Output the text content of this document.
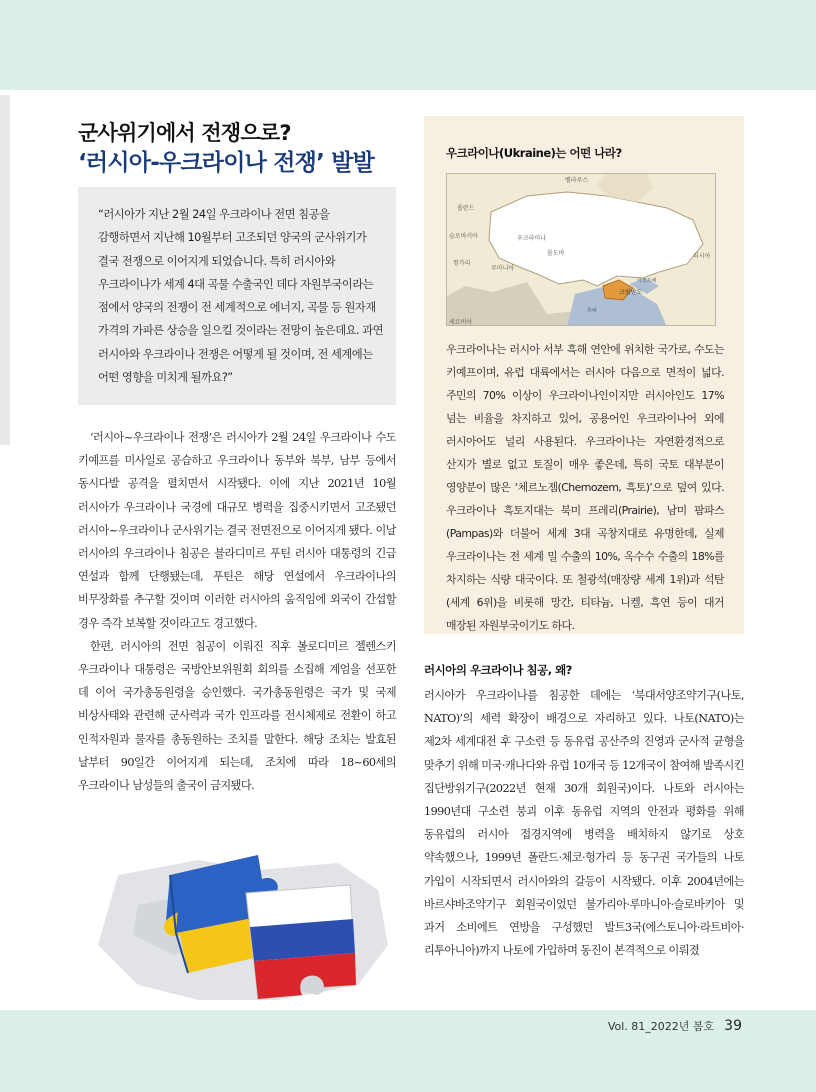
군사위기에서 전쟁으로?
‘러시아-우크라이나 전쟁’ 발발

“러시아가 지난 2월 24일 우크라이나 전면 침공을 감행하면서 지난해 10월부터 고조되던 양국의 군사위기가 결국 전쟁으로 이어지게 되었습니다. 특히 러시아와 우크라이나가 세계 4대 곡물 수출국인 데다 자원부국이라는 점에서 양국의 전쟁이 전 세계적으로 에너지, 곡물 등 원자재 가격의 가파른 상승을 일으킬 것이라는 전망이 높은데요. 과연 러시아와 우크라이나 전쟁은 어떻게 될 것이며, 전 세계에는 어떤 영향을 미치게 될까요?”

‘러시아~우크라이나 전쟁’은 러시아가 2월 24일 우크라이나 수도 키예프를 미사일로 공습하고 우크라이나 동부와 북부, 남부 등에서 동시다발 공격을 펼치면서 시작됐다. 이에 지난 2021년 10월 러시아가 우크라이나 국경에 대규모 병력을 집중시키면서 고조됐던 러시아~우크라이나 군사위기는 결국 전면전으로 이어지게 됐다. 이날 러시아의 우크라이나 침공은 블라디미르 푸틴 러시아 대통령의 긴급 연설과 함께 단행됐는데, 푸틴은 해당 연설에서 우크라이나의 비무장화를 추구할 것이며 이러한 러시아의 움직임에 외국이 간섭할 경우 즉각 보복할 것이라고도 경고했다.

한편, 러시아의 전면 침공이 이뤄진 직후 볼로디미르 젤렌스키 우크라이나 대통령은 국방안보위원회 회의를 소집해 계엄을 선포한 데 이어 국가총동원령을 승인했다. 국가총동원령은 국가 및 국제 비상사태와 관련해 군사력과 국가 인프라를 전시체제로 전환이 하고 인적자원과 물자를 총동원하는 조치를 말한다. 해당 조치는 발효된 날부터 90일간 이어지게 되는데, 조치에 따라 18~60세의 우크라이나 남성들의 출국이 금지됐다.

우크라이나(Ukraine)는 어떤 나라?
벨라루스
폴란드
슬로바키아
헝가리
우크라이나
몰도바
루마니아
세르비아
러시아
크림반도
흑해
아조프해

우크라이나는 러시아 서부 흑해 연안에 위치한 국가로, 수도는 키예프이며, 유럽 대륙에서는 러시아 다음으로 면적이 넓다. 주민의 70% 이상이 우크라이나인이지만 러시아인도 17% 넘는 비율을 차지하고 있어, 공용어인 우크라이나어 외에 러시아어도 널리 사용된다. 우크라이나는 자연환경적으로 산지가 별로 없고 토질이 매우 좋은데, 특히 국토 대부분이 영양분이 많은 ‘체르노젬(Chernozem, 흑토)’으로 덮여 있다. 우크라이나 흑토지대는 북미 프레리(Prairie), 남미 팜파스(Pampas)와 더불어 세계 3대 곡창지대로 유명한데, 실제 우크라이나는 전 세계 밀 수출의 10%, 옥수수 수출의 18%를 차지하는 식량 대국이다. 또 철광석(매장량 세계 1위)과 석탄(세계 6위)을 비롯해 망간, 티타늄, 니켈, 흑연 등이 대거 매장된 자원부국이기도 하다.

러시아의 우크라이나 침공, 왜?

러시아가 우크라이나를 침공한 데에는 ‘북대서양조약기구(나토, NATO)’의 세력 확장이 배경으로 자리하고 있다. 나토(NATO)는 제2차 세계대전 후 구소련 등 동유럽 공산주의 진영과 군사적 균형을 맞추기 위해 미국·캐나다와 유럽 10개국 등 12개국이 참여해 발족시킨 집단방위기구(2022년 현재 30개 회원국)이다. 나토와 러시아는 1990년대 구소련 붕괴 이후 동유럽 지역의 안전과 평화를 위해 동유럽의 러시아 접경지역에 병력을 배치하지 않기로 상호 약속했으나, 1999년 폴란드·체코·헝가리 등 동구권 국가들의 나토 가입이 시작되면서 러시아와의 갈등이 시작됐다. 이후 2004년에는 바르샤바조약기구 회원국이었던 불가리아·루마니아·슬로바키아 및 과거 소비에트 연방을 구성했던 발트3국(에스토니아·라트비아·리투아니아)까지 나토에 가입하며 동진이 본격적으로 이뤄졌

Vol. 81_2022년 봄호 39
